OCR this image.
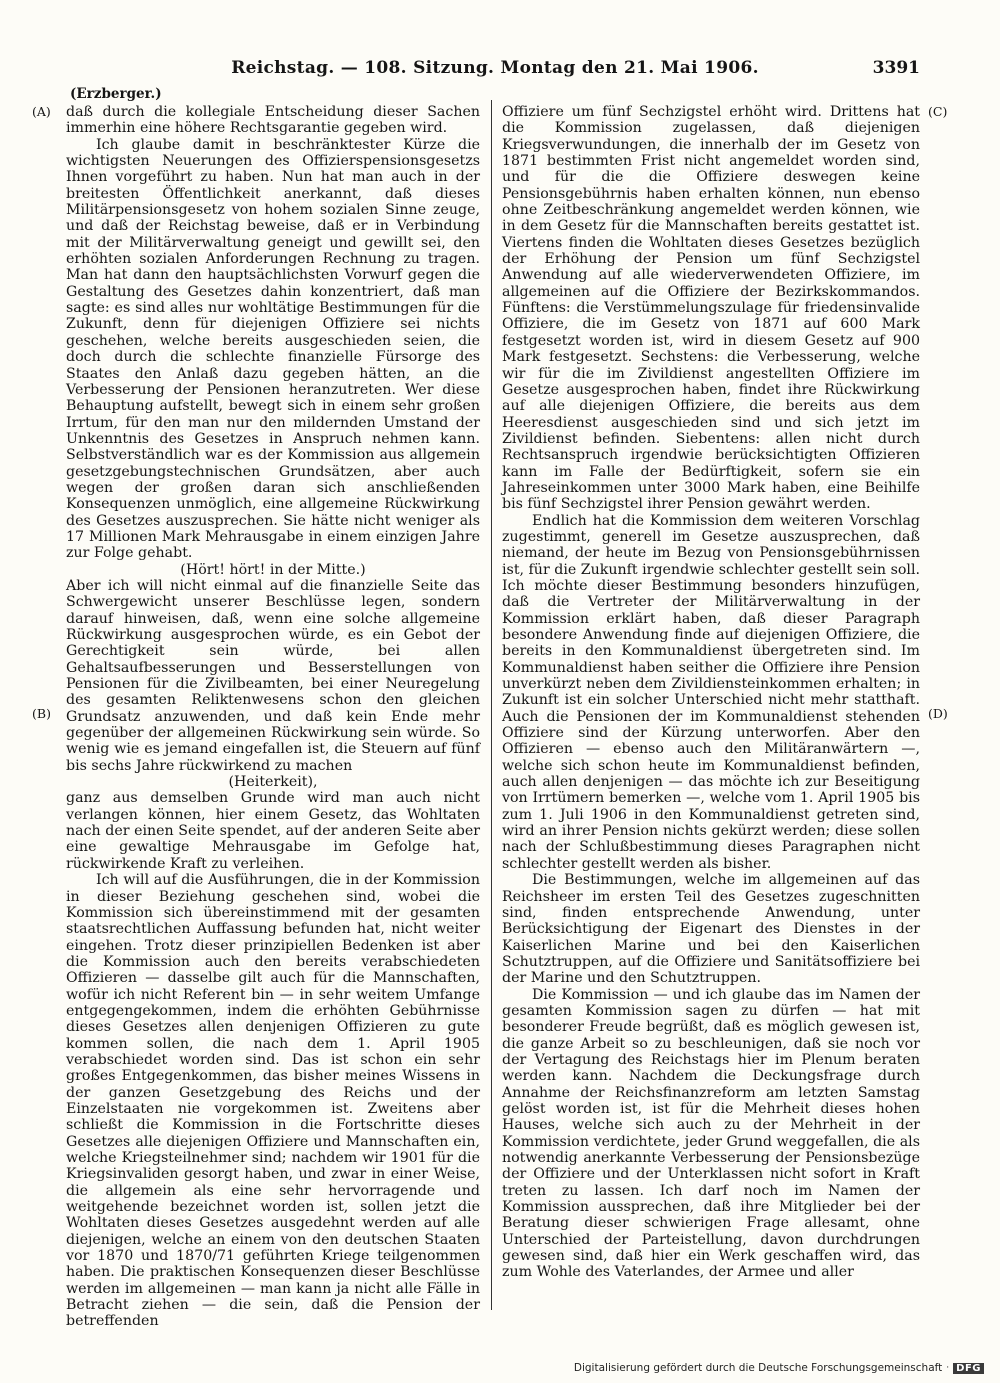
Reichstag. — 108. Sitzung. Montag den 21. Mai 1906.	3391
(Erzberger.)
(A)
(B)
(C)
(D)

daß durch die kollegiale Entscheidung dieser Sachen immerhin eine höhere Rechtsgarantie gegeben wird.

Ich glaube damit in beschränktester Kürze die wichtigsten Neuerungen des Offizierspensionsgesetzs Ihnen vorgeführt zu haben. Nun hat man auch in der breitesten Öffentlichkeit anerkannt, daß dieses Militärpensionsgesetz von hohem sozialen Sinne zeuge, und daß der Reichstag beweise, daß er in Verbindung mit der Militärverwaltung geneigt und gewillt sei, den erhöhten sozialen Anforderungen Rechnung zu tragen. Man hat dann den hauptsächlichsten Vorwurf gegen die Gestaltung des Gesetzes dahin konzentriert, daß man sagte: es sind alles nur wohltätige Bestimmungen für die Zukunft, denn für diejenigen Offiziere sei nichts geschehen, welche bereits ausgeschieden seien, die doch durch die schlechte finanzielle Fürsorge des Staates den Anlaß dazu gegeben hätten, an die Verbesserung der Pensionen heranzutreten. Wer diese Behauptung aufstellt, bewegt sich in einem sehr großen Irrtum, für den man nur den mildernden Umstand der Unkenntnis des Gesetzes in Anspruch nehmen kann. Selbstverständlich war es der Kommission aus allgemein gesetzgebungstechnischen Grundsätzen, aber auch wegen der großen daran sich anschließenden Konsequenzen unmöglich, eine allgemeine Rückwirkung des Gesetzes auszusprechen. Sie hätte nicht weniger als 17 Millionen Mark Mehrausgabe in einem einzigen Jahre zur Folge gehabt.

(Hört! hört! in der Mitte.)

Aber ich will nicht einmal auf die finanzielle Seite das Schwergewicht unserer Beschlüsse legen, sondern darauf hinweisen, daß, wenn eine solche allgemeine Rückwirkung ausgesprochen würde, es ein Gebot der Gerechtigkeit sein würde, bei allen Gehaltsaufbesserungen und Besserstellungen von Pensionen für die Zivilbeamten, bei einer Neuregelung des gesamten Reliktenwesens schon den gleichen Grundsatz anzuwenden, und daß kein Ende mehr gegenüber der allgemeinen Rückwirkung sein würde. So wenig wie es jemand eingefallen ist, die Steuern auf fünf bis sechs Jahre rückwirkend zu machen

(Heiterkeit),

ganz aus demselben Grunde wird man auch nicht verlangen können, hier einem Gesetz, das Wohltaten nach der einen Seite spendet, auf der anderen Seite aber eine gewaltige Mehrausgabe im Gefolge hat, rückwirkende Kraft zu verleihen.

Ich will auf die Ausführungen, die in der Kommission in dieser Beziehung geschehen sind, wobei die Kommission sich übereinstimmend mit der gesamten staatsrechtlichen Auffassung befunden hat, nicht weiter eingehen. Trotz dieser prinzipiellen Bedenken ist aber die Kommission auch den bereits verabschiedeten Offizieren — dasselbe gilt auch für die Mannschaften, wofür ich nicht Referent bin — in sehr weitem Umfange entgegengekommen, indem die erhöhten Gebührnisse dieses Gesetzes allen denjenigen Offizieren zu gute kommen sollen, die nach dem 1. April 1905 verabschiedet worden sind. Das ist schon ein sehr großes Entgegenkommen, das bisher meines Wissens in der ganzen Gesetzgebung des Reichs und der Einzelstaaten nie vorgekommen ist. Zweitens aber schließt die Kommission in die Fortschritte dieses Gesetzes alle diejenigen Offiziere und Mannschaften ein, welche Kriegsteilnehmer sind; nachdem wir 1901 für die Kriegsinvaliden gesorgt haben, und zwar in einer Weise, die allgemein als eine sehr hervorragende und weitgehende bezeichnet worden ist, sollen jetzt die Wohltaten dieses Gesetzes ausgedehnt werden auf alle diejenigen, welche an einem von den deutschen Staaten vor 1870 und 1870/71 geführten Kriege teilgenommen haben. Die praktischen Konsequenzen dieser Beschlüsse werden im allgemeinen — man kann ja nicht alle Fälle in Betracht ziehen — die sein, daß die Pension der betreffenden

Offiziere um fünf Sechzigstel erhöht wird. Drittens hat die Kommission zugelassen, daß diejenigen Kriegsverwundungen, die innerhalb der im Gesetz von 1871 bestimmten Frist nicht angemeldet worden sind, und für die die Offiziere deswegen keine Pensionsgebührnis haben erhalten können, nun ebenso ohne Zeitbeschränkung angemeldet werden können, wie in dem Gesetz für die Mannschaften bereits gestattet ist. Viertens finden die Wohltaten dieses Gesetzes bezüglich der Erhöhung der Pension um fünf Sechzigstel Anwendung auf alle wiederverwendeten Offiziere, im allgemeinen auf die Offiziere der Bezirkskommandos. Fünftens: die Verstümmelungszulage für friedensinvalide Offiziere, die im Gesetz von 1871 auf 600 Mark festgesetzt worden ist, wird in diesem Gesetz auf 900 Mark festgesetzt. Sechstens: die Verbesserung, welche wir für die im Zivildienst angestellten Offiziere im Gesetze ausgesprochen haben, findet ihre Rückwirkung auf alle diejenigen Offiziere, die bereits aus dem Heeresdienst ausgeschieden sind und sich jetzt im Zivildienst befinden. Siebentens: allen nicht durch Rechtsanspruch irgendwie berücksichtigten Offizieren kann im Falle der Bedürftigkeit, sofern sie ein Jahreseinkommen unter 3000 Mark haben, eine Beihilfe bis fünf Sechzigstel ihrer Pension gewährt werden.

Endlich hat die Kommission dem weiteren Vorschlag zugestimmt, generell im Gesetze auszusprechen, daß niemand, der heute im Bezug von Pensionsgebührnissen ist, für die Zukunft irgendwie schlechter gestellt sein soll. Ich möchte dieser Bestimmung besonders hinzufügen, daß die Vertreter der Militärverwaltung in der Kommission erklärt haben, daß dieser Paragraph besondere Anwendung finde auf diejenigen Offiziere, die bereits in den Kommunaldienst übergetreten sind. Im Kommunaldienst haben seither die Offiziere ihre Pension unverkürzt neben dem Zivildiensteinkommen erhalten; in Zukunft ist ein solcher Unterschied nicht mehr statthaft. Auch die Pensionen der im Kommunaldienst stehenden Offiziere sind der Kürzung unterworfen. Aber den Offizieren — ebenso auch den Militäranwärtern —, welche sich schon heute im Kommunaldienst befinden, auch allen denjenigen — das möchte ich zur Beseitigung von Irrtümern bemerken —, welche vom 1. April 1905 bis zum 1. Juli 1906 in den Kommunaldienst getreten sind, wird an ihrer Pension nichts gekürzt werden; diese sollen nach der Schlußbestimmung dieses Paragraphen nicht schlechter gestellt werden als bisher.

Die Bestimmungen, welche im allgemeinen auf das Reichsheer im ersten Teil des Gesetzes zugeschnitten sind, finden entsprechende Anwendung, unter Berücksichtigung der Eigenart des Dienstes in der Kaiserlichen Marine und bei den Kaiserlichen Schutztruppen, auf die Offiziere und Sanitätsoffiziere bei der Marine und den Schutztruppen.

Die Kommission — und ich glaube das im Namen der gesamten Kommission sagen zu dürfen — hat mit besonderer Freude begrüßt, daß es möglich gewesen ist, die ganze Arbeit so zu beschleunigen, daß sie noch vor der Vertagung des Reichstags hier im Plenum beraten werden kann. Nachdem die Deckungsfrage durch Annahme der Reichsfinanzreform am letzten Samstag gelöst worden ist, ist für die Mehrheit dieses hohen Hauses, welche sich auch zu der Mehrheit in der Kommission verdichtete, jeder Grund weggefallen, die als notwendig anerkannte Verbesserung der Pensionsbezüge der Offiziere und der Unterklassen nicht sofort in Kraft treten zu lassen. Ich darf noch im Namen der Kommission aussprechen, daß ihre Mitglieder bei der Beratung dieser schwierigen Frage allesamt, ohne Unterschied der Parteistellung, davon durchdrungen gewesen sind, daß hier ein Werk geschaffen wird, das zum Wohle des Vaterlandes, der Armee und aller

Digitalisierung gefördert durch die Deutsche Forschungsgemeinschaft · DFG
